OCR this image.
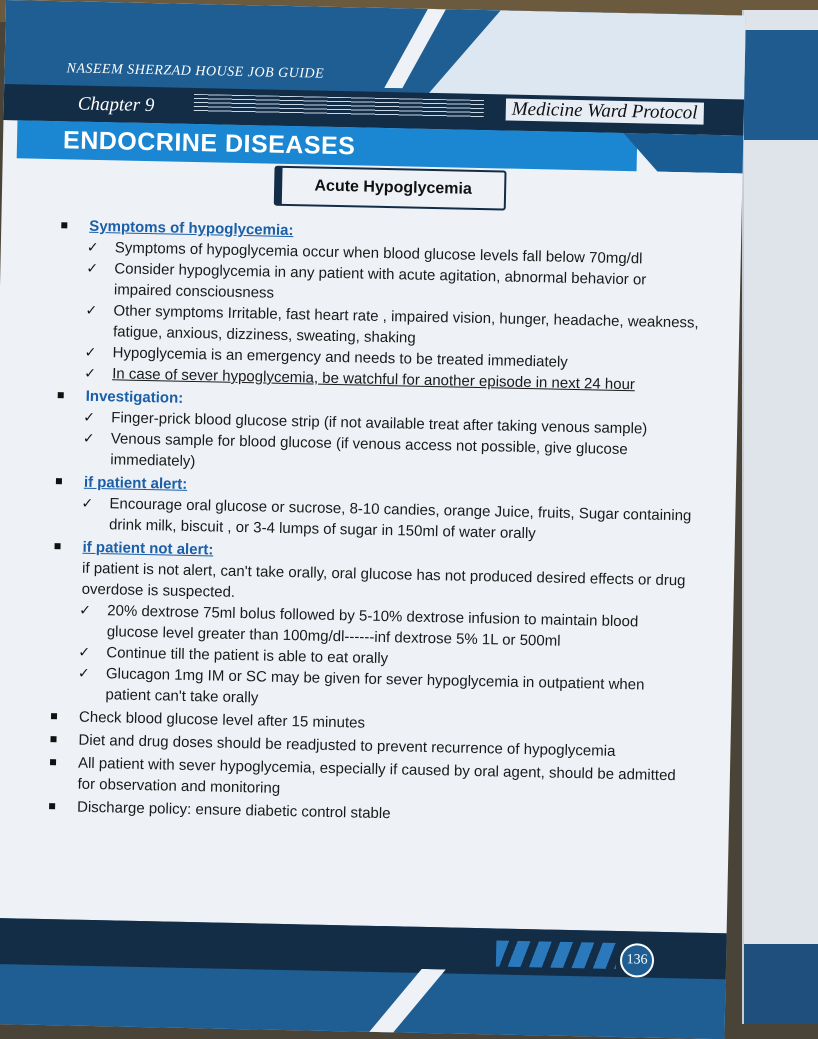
NASEEM SHERZAD HOUSE JOB GUIDE
Chapter 9	Medicine Ward Protocol
ENDOCRINE DISEASES
Acute Hypoglycemia
Symptoms of hypoglycemia:
✓ Symptoms of hypoglycemia occur when blood glucose levels fall below 70mg/dl
✓ Consider hypoglycemia in any patient with acute agitation, abnormal behavior or impaired consciousness
✓ Other symptoms Irritable, fast heart rate , impaired vision, hunger, headache, weakness, fatigue, anxious, dizziness, sweating, shaking
✓ Hypoglycemia is an emergency and needs to be treated immediately
✓ In case of sever hypoglycemia, be watchful for another episode in next 24 hour
Investigation:
✓ Finger-prick blood glucose strip (if not available treat after taking venous sample)
✓ Venous sample for blood glucose (if venous access not possible, give glucose immediately)
if patient alert:
✓ Encourage oral glucose or sucrose, 8-10 candies, orange Juice, fruits, Sugar containing drink milk, biscuit , or 3-4 lumps of sugar in 150ml of water orally
if patient not alert:
if patient is not alert, can't take orally, oral glucose has not produced desired effects or drug overdose is suspected.
✓ 20% dextrose 75ml bolus followed by 5-10% dextrose infusion to maintain blood glucose level greater than 100mg/dl------inf dextrose 5% 1L or 500ml
✓ Continue till the patient is able to eat orally
✓ Glucagon 1mg IM or SC may be given for sever hypoglycemia in outpatient when patient can't take orally
Check blood glucose level after 15 minutes
Diet and drug doses should be readjusted to prevent recurrence of hypoglycemia
All patient with sever hypoglycemia, especially if caused by oral agent, should be admitted for observation and monitoring
Discharge policy: ensure diabetic control stable
136
